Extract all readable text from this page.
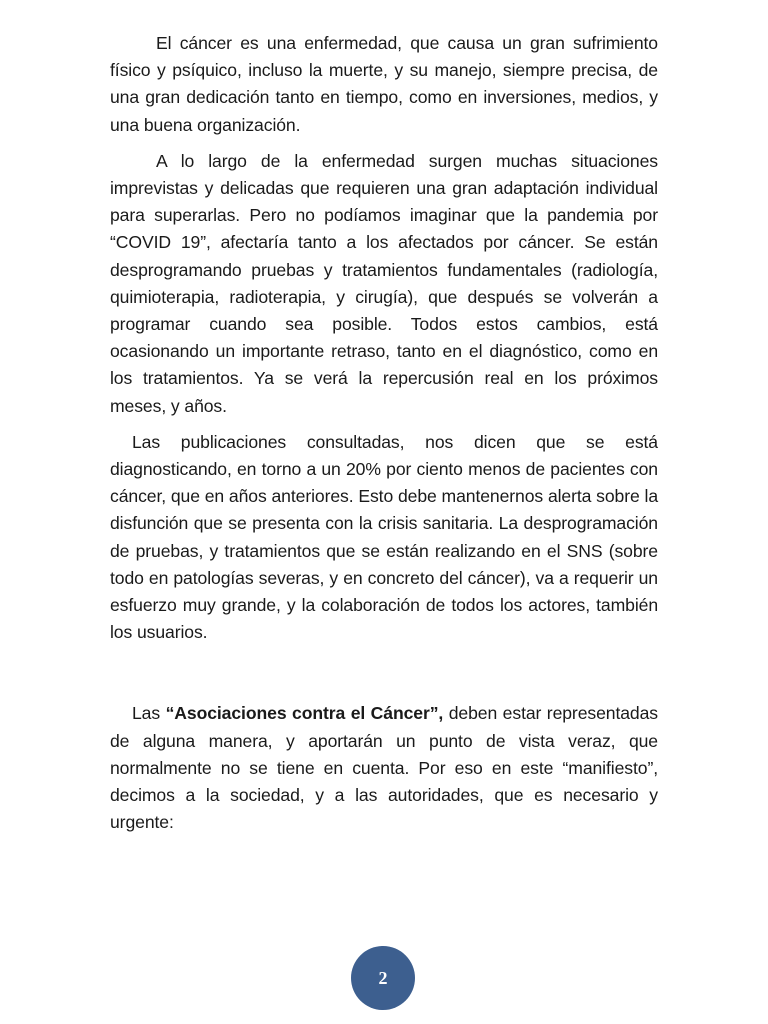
El cáncer es una enfermedad, que causa un gran sufrimiento físico y psíquico, incluso la muerte, y su manejo, siempre precisa, de una gran dedicación tanto en tiempo, como en inversiones, medios, y una buena organización.

A lo largo de la enfermedad surgen muchas situaciones imprevistas y delicadas que requieren una gran adaptación individual para superarlas. Pero no podíamos imaginar que la pandemia por “COVID 19”, afectaría tanto a los afectados por cáncer. Se están desprogramando pruebas y tratamientos fundamentales (radiología, quimioterapia, radioterapia, y cirugía), que después se volverán a programar cuando sea posible. Todos estos cambios, está ocasionando un importante retraso, tanto en el diagnóstico, como en los tratamientos. Ya se verá la repercusión real en los próximos meses, y años.

Las publicaciones consultadas, nos dicen que se está diagnosticando, en torno a un 20% por ciento menos de pacientes con cáncer, que en años anteriores. Esto debe mantenernos alerta sobre la disfunción que se presenta con la crisis sanitaria. La desprogramación de pruebas, y tratamientos que se están realizando en el SNS (sobre todo en patologías severas, y en concreto del cáncer), va a requerir un esfuerzo muy grande, y la colaboración de todos los actores, también los usuarios.

Las “Asociaciones contra el Cáncer”, deben estar representadas de alguna manera, y aportarán un punto de vista veraz, que normalmente no se tiene en cuenta. Por eso en este “manifiesto”, decimos a la sociedad, y a las autoridades, que es necesario y urgente:

2
